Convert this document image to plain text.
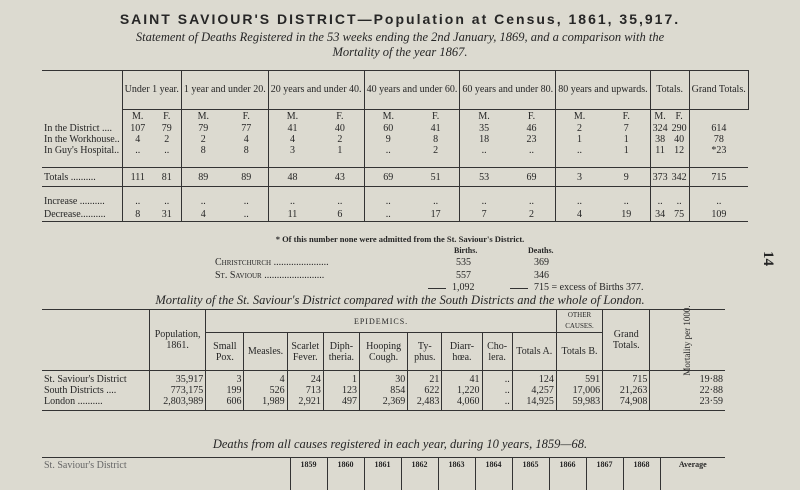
SAINT SAVIOUR'S DISTRICT—Population at Census, 1861, 35,917.
Statement of Deaths Registered in the 53 weeks ending the 2nd January, 1869, and a comparison with the
Mortality of the year 1867.
14
	Under 1 year.		1 year and under 20.		20 years and under 40.		40 years and under 60.		60 years and under 80.		80 years and upwards.		Totals.		Grand Totals.
	M.	F.	M.	F.	M.	F.	M.	F.	M.	F.	M.	F.	M.	F.	
In the District ....	107	79	79	77	41	40	60	41	35	46	2	7	324	290	614
In the Workhouse..	4	2	2	4	4	2	9	8	18	23	1	1	38	40	78
In Guy's Hospital..	..	..	8	8	3	1	..	2	..	..	..	1	11	12	*23

Totals ..........	111	81	89	89	48	43	69	51	53	69	3	9	373	342	715
Increase ..........	..	..	..	..	..	..	..	..	..	..	..	..	..	..	..
Decrease..........	8	31	4	..	11	6	..	17	7	2	4	19	34	75	109
* Of this number none were admitted from the St. Saviour's District.
Births.	Deaths.
Christchurch ......................	535	369
St. Saviour ........................	557	346
1,092	715 = excess of Births 377.
Mortality of the St. Saviour's District compared with the South Districts and the whole of London.
	Population, 1861.	EPIDEMICS.									OTHER CAUSES.	Grand Totals.	Mortality per 1000.

		Small Pox.	Measles.	Scarlet Fever.	Diph-theria.	Hooping Cough.	Ty-phus.	Diarr-hœa.	Cho-lera.	Totals A.	Totals B.		
St. Saviour's District	35,917	3	4	24	1	30	21	41	..	124	591	715	19·88
South Districts ....	773,175	199	526	713	123	854	622	1,220	..	4,257	17,006	21,263	22·88
London ..........	2,803,989	606	1,989	2,921	497	2,369	2,483	4,060	..	14,925	59,983	74,908	23·59
Deaths from all causes registered in each year, during 10 years, 1859—68.
St. Saviour's District	1859	1860	1861	1862	1863	1864	1865	1866	1867	1868	Average
